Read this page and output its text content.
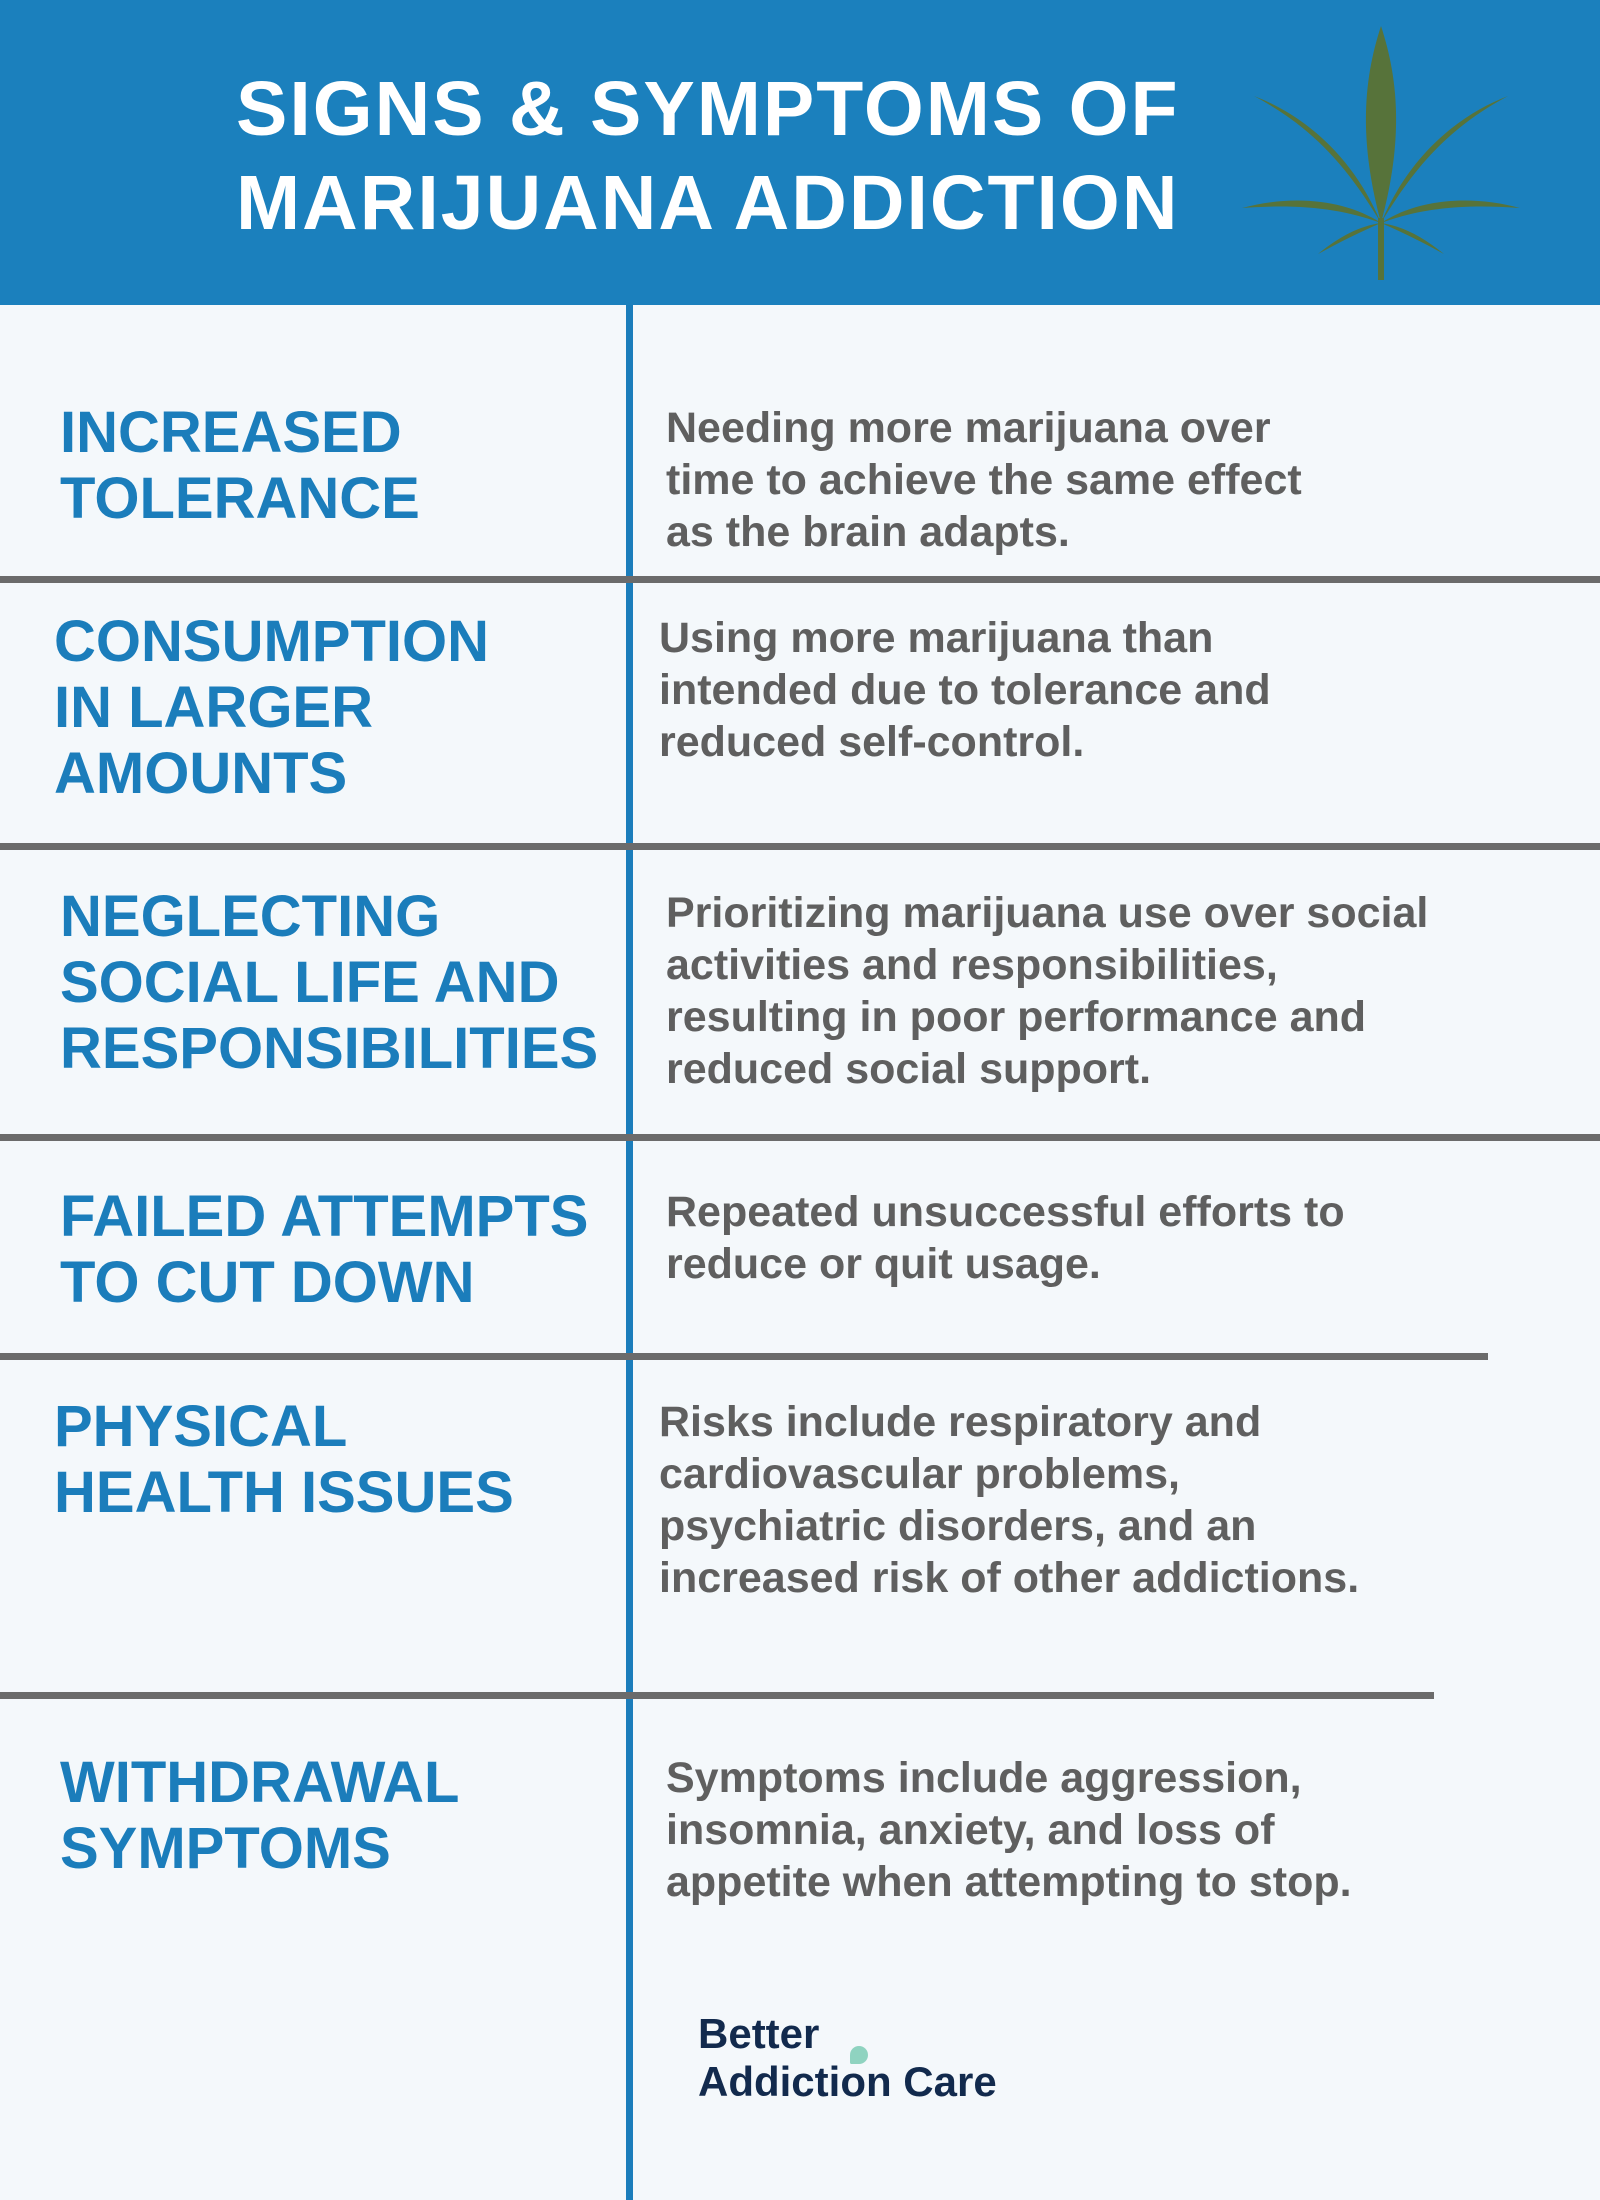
SIGNS & SYMPTOMS OF
MARIJUANA ADDICTION
INCREASED
TOLERANCE

Needing more marijuana over
time to achieve the same effect
as the brain adapts.

CONSUMPTION
IN LARGER
AMOUNTS

Using more marijuana than
intended due to tolerance and
reduced self-control.

NEGLECTING
SOCIAL LIFE AND
RESPONSIBILITIES

Prioritizing marijuana use over social
activities and responsibilities,
resulting in poor performance and
reduced social support.

FAILED ATTEMPTS
TO CUT DOWN

Repeated unsuccessful efforts to
reduce or quit usage.

PHYSICAL
HEALTH ISSUES

Risks include respiratory and
cardiovascular problems,
psychiatric disorders, and an
increased risk of other addictions.

WITHDRAWAL
SYMPTOMS

Symptoms include aggression,
insomnia, anxiety, and loss of
appetite when attempting to stop.

Better
Addiction Care
